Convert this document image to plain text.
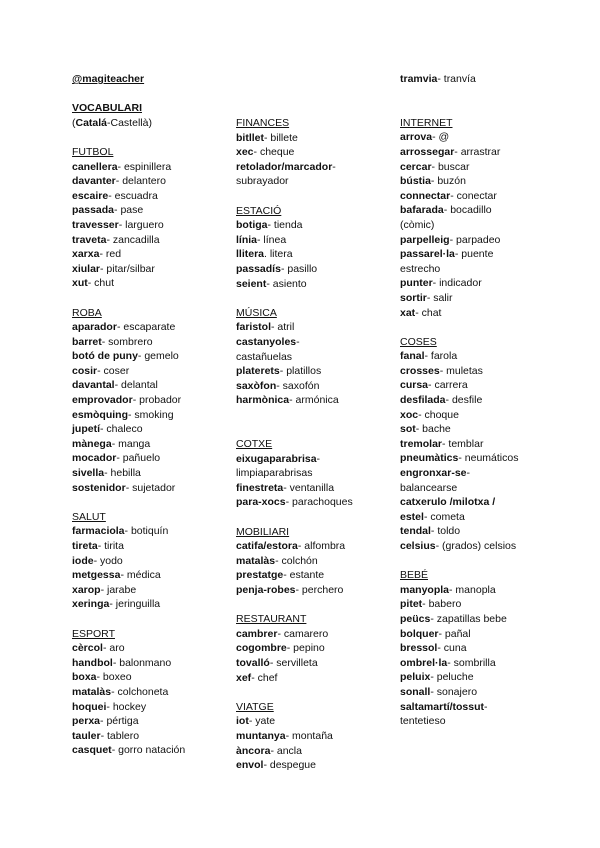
@magiteacher
VOCABULARI
(Catalá-Castellà)
FUTBOL
canellera- espinillera
davanter- delantero
escaire- escuadra
passada- pase
travesser- larguero
traveta- zancadilla
xarxa- red
xiular- pitar/silbar
xut- chut
ROBA
aparador- escaparate
barret- sombrero
botó de puny- gemelo
cosir- coser
davantal- delantal
emprovador- probador
esmòquing- smoking
jupetí- chaleco
mànega- manga
mocador- pañuelo
sivella- hebilla
sostenidor- sujetador
SALUT
farmaciola- botiquín
tireta- tirita
iode- yodo
metgessa- médica
xarop- jarabe
xeringa- jeringuilla
ESPORT
cèrcol- aro
handbol- balonmano
boxa- boxeo
matalàs- colchoneta
hoquei- hockey
perxa- pértiga
tauler- tablero
casquet- gorro natación
FINANCES
bitllet- billete
xec- cheque
retolador/marcador-
subrayador
ESTACIÓ
botiga- tienda
línia- línea
llitera. litera
passadís- pasillo
seient- asiento
MÚSICA
faristol- atril
castanyoles-
castañuelas
platerets- platillos
saxòfon- saxofón
harmònica- armónica
COTXE
eixugaparabrisa-
limpiaparabrisas
finestreta- ventanilla
para-xocs- parachoques
MOBILIARI
catifa/estora- alfombra
matalàs- colchón
prestatge- estante
penja-robes- perchero
RESTAURANT
cambrer- camarero
cogombre- pepino
tovalló- servilleta
xef- chef
VIATGE
iot- yate
muntanya- montaña
àncora- ancla
envol- despegue
tramvia- tranvía
INTERNET
arrova- @
arrossegar- arrastrar
cercar- buscar
bústia- buzón
connectar- conectar
bafarada- bocadillo
(còmic)
parpelleig- parpadeo
passarel·la- puente
estrecho
punter- indicador
sortir- salir
xat- chat
COSES
fanal- farola
crosses- muletas
cursa- carrera
desfilada- desfile
xoc- choque
sot- bache
tremolar- temblar
pneumàtics- neumáticos
engronxar-se-
balancearse
catxerulo /milotxa /
estel- cometa
tendal- toldo
celsius- (grados) celsios
BEBÉ
manyopla- manopla
pitet- babero
peücs- zapatillas bebe
bolquer- pañal
bressol- cuna
ombrel·la- sombrilla
peluix- peluche
sonall- sonajero
saltamartí/tossut-
tentetieso
